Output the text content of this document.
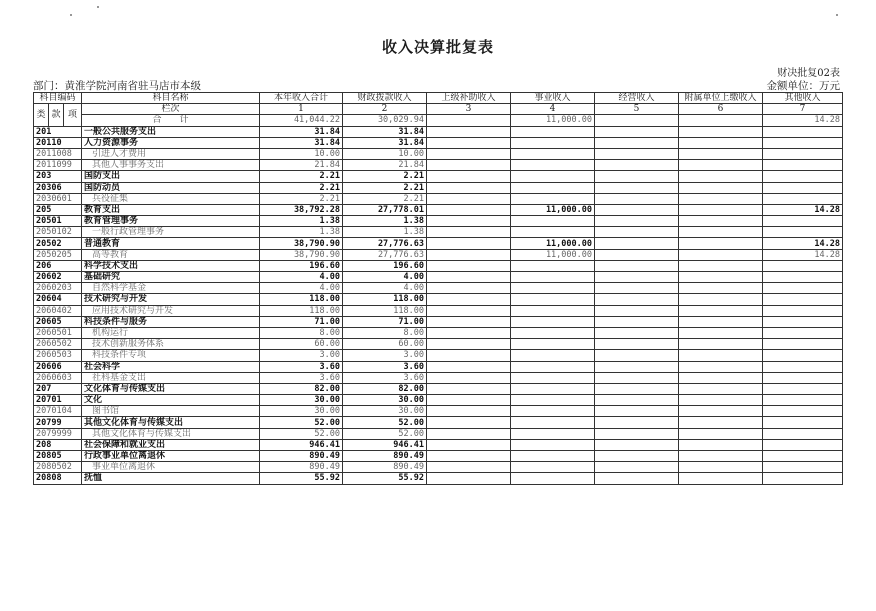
收入决算批复表
财决批复02表
部门：黄淮学院河南省驻马店市本级	金额单位：万元
科目编码			科目名称	本年收入合计	财政拨款收入	上级补助收入	事业收入	经营收入	附属单位上缴收入	其他收入
类	款	项	栏次	1	2	3	4	5	6	7
			合　　计	41,044.22	30,029.94		11,000.00			14.28
201			一般公共服务支出	31.84	31.84					
20110			人力资源事务	31.84	31.84					
2011008			引进人才费用	10.00	10.00					
2011099			其他人事事务支出	21.84	21.84					
203			国防支出	2.21	2.21					
20306			国防动员	2.21	2.21					
2030601			兵役征集	2.21	2.21					
205			教育支出	38,792.28	27,778.01		11,000.00			14.28
20501			教育管理事务	1.38	1.38					
2050102			一般行政管理事务	1.38	1.38					
20502			普通教育	38,790.90	27,776.63		11,000.00			14.28
2050205			高等教育	38,790.90	27,776.63		11,000.00			14.28
206			科学技术支出	196.60	196.60					
20602			基础研究	4.00	4.00					
2060203			自然科学基金	4.00	4.00					
20604			技术研究与开发	118.00	118.00					
2060402			应用技术研究与开发	118.00	118.00					
20605			科技条件与服务	71.00	71.00					
2060501			机构运行	8.00	8.00					
2060502			技术创新服务体系	60.00	60.00					
2060503			科技条件专项	3.00	3.00					
20606			社会科学	3.60	3.60					
2060603			社科基金支出	3.60	3.60					
207			文化体育与传媒支出	82.00	82.00					
20701			文化	30.00	30.00					
2070104			图书馆	30.00	30.00					
20799			其他文化体育与传媒支出	52.00	52.00					
2079999			其他文化体育与传媒支出	52.00	52.00					
208			社会保障和就业支出	946.41	946.41					
20805			行政事业单位离退休	890.49	890.49					
2080502			事业单位离退休	890.49	890.49					
20808			抚恤	55.92	55.92					
